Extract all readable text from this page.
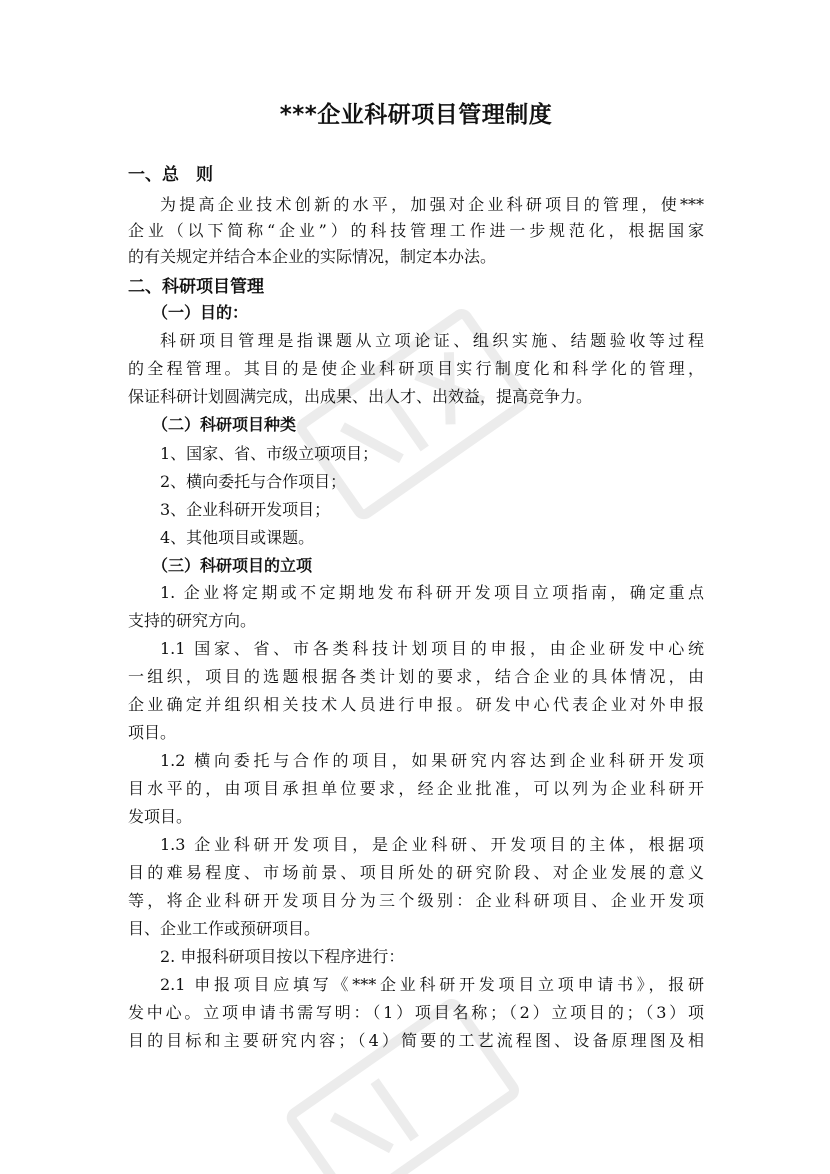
***企业科研项目管理制度
一、总　则
为提高企业技术创新的水平，加强对企业科研项目的管理，使***
企业（以下简称“企业”）的科技管理工作进一步规范化，根据国家
的有关规定并结合本企业的实际情况，制定本办法。
二、科研项目管理
（一）目的：
科研项目管理是指课题从立项论证、组织实施、结题验收等过程
的全程管理。其目的是使企业科研项目实行制度化和科学化的管理，
保证科研计划圆满完成，出成果、出人才、出效益，提高竞争力。
（二）科研项目种类
1、国家、省、市级立项项目；
2、横向委托与合作项目；
3、企业科研开发项目；
4、其他项目或课题。
（三）科研项目的立项
1. 企业将定期或不定期地发布科研开发项目立项指南，确定重点
支持的研究方向。
1.1 国家、省、市各类科技计划项目的申报，由企业研发中心统
一组织，项目的选题根据各类计划的要求，结合企业的具体情况，由
企业确定并组织相关技术人员进行申报。研发中心代表企业对外申报
项目。
1.2 横向委托与合作的项目，如果研究内容达到企业科研开发项
目水平的，由项目承担单位要求，经企业批准，可以列为企业科研开
发项目。
1.3 企业科研开发项目，是企业科研、开发项目的主体，根据项
目的难易程度、市场前景、项目所处的研究阶段、对企业发展的意义
等，将企业科研开发项目分为三个级别：企业科研项目、企业开发项
目、企业工作或预研项目。
2. 申报科研项目按以下程序进行：
2.1 申报项目应填写《***企业科研开发项目立项申请书》，报研
发中心。立项申请书需写明：（1）项目名称；（2）立项目的；（3）项
目的目标和主要研究内容；（4）简要的工艺流程图、设备原理图及相
